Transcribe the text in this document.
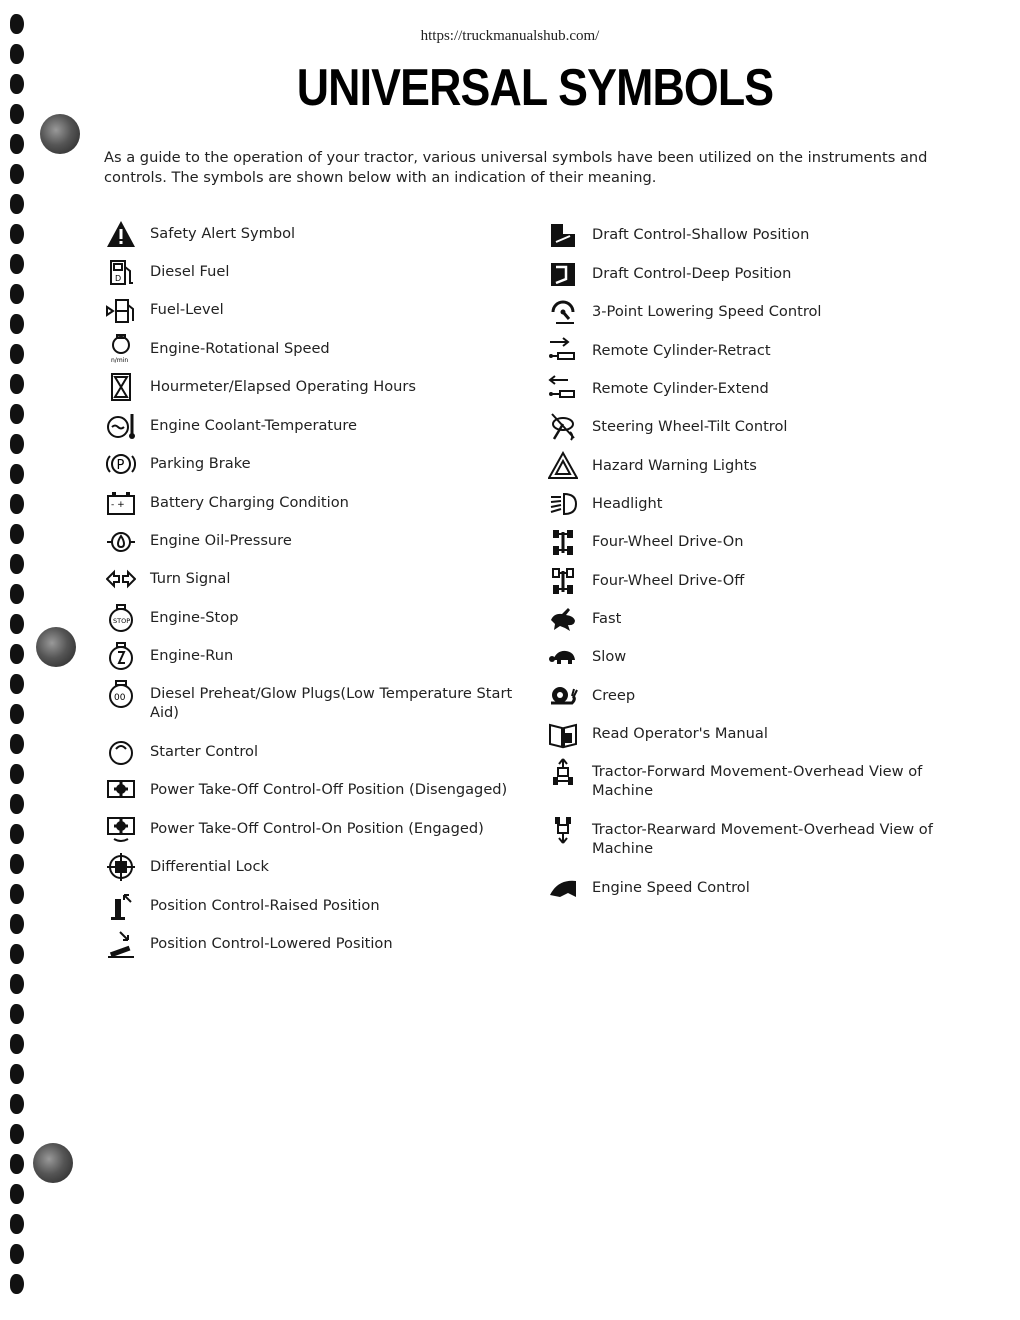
https://truckmanualshub.com/
UNIVERSAL SYMBOLS
As a guide to the operation of your tractor, various universal symbols have been utilized on the instruments and controls. The symbols are shown below with an indication of their meaning.
Safety Alert Symbol
D Diesel Fuel
Fuel-Level
n/min
Engine-Rotational Speed
Hourmeter/Elapsed Operating Hours
Engine Coolant-Temperature
P Parking Brake
- + Battery Charging Condition
Engine Oil-Pressure
Turn Signal
STOP Engine-Stop
Engine-Run
00 Diesel Preheat/Glow Plugs(Low Temperature Start Aid)
Starter Control
Power Take-Off Control-Off Position (Disengaged)
Power Take-Off Control-On Position (Engaged)
Differential Lock
Position Control-Raised Position
Position Control-Lowered Position
Draft Control-Shallow Position
Draft Control-Deep Position
3-Point Lowering Speed Control
Remote Cylinder-Retract
Remote Cylinder-Extend
Steering Wheel-Tilt Control
Hazard Warning Lights
Headlight
Four-Wheel Drive-On
Four-Wheel Drive-Off
Fast
Slow
Creep
Read Operator's Manual
Tractor-Forward Movement-Overhead View of Machine
Tractor-Rearward Movement-Overhead View of Machine
Engine Speed Control
